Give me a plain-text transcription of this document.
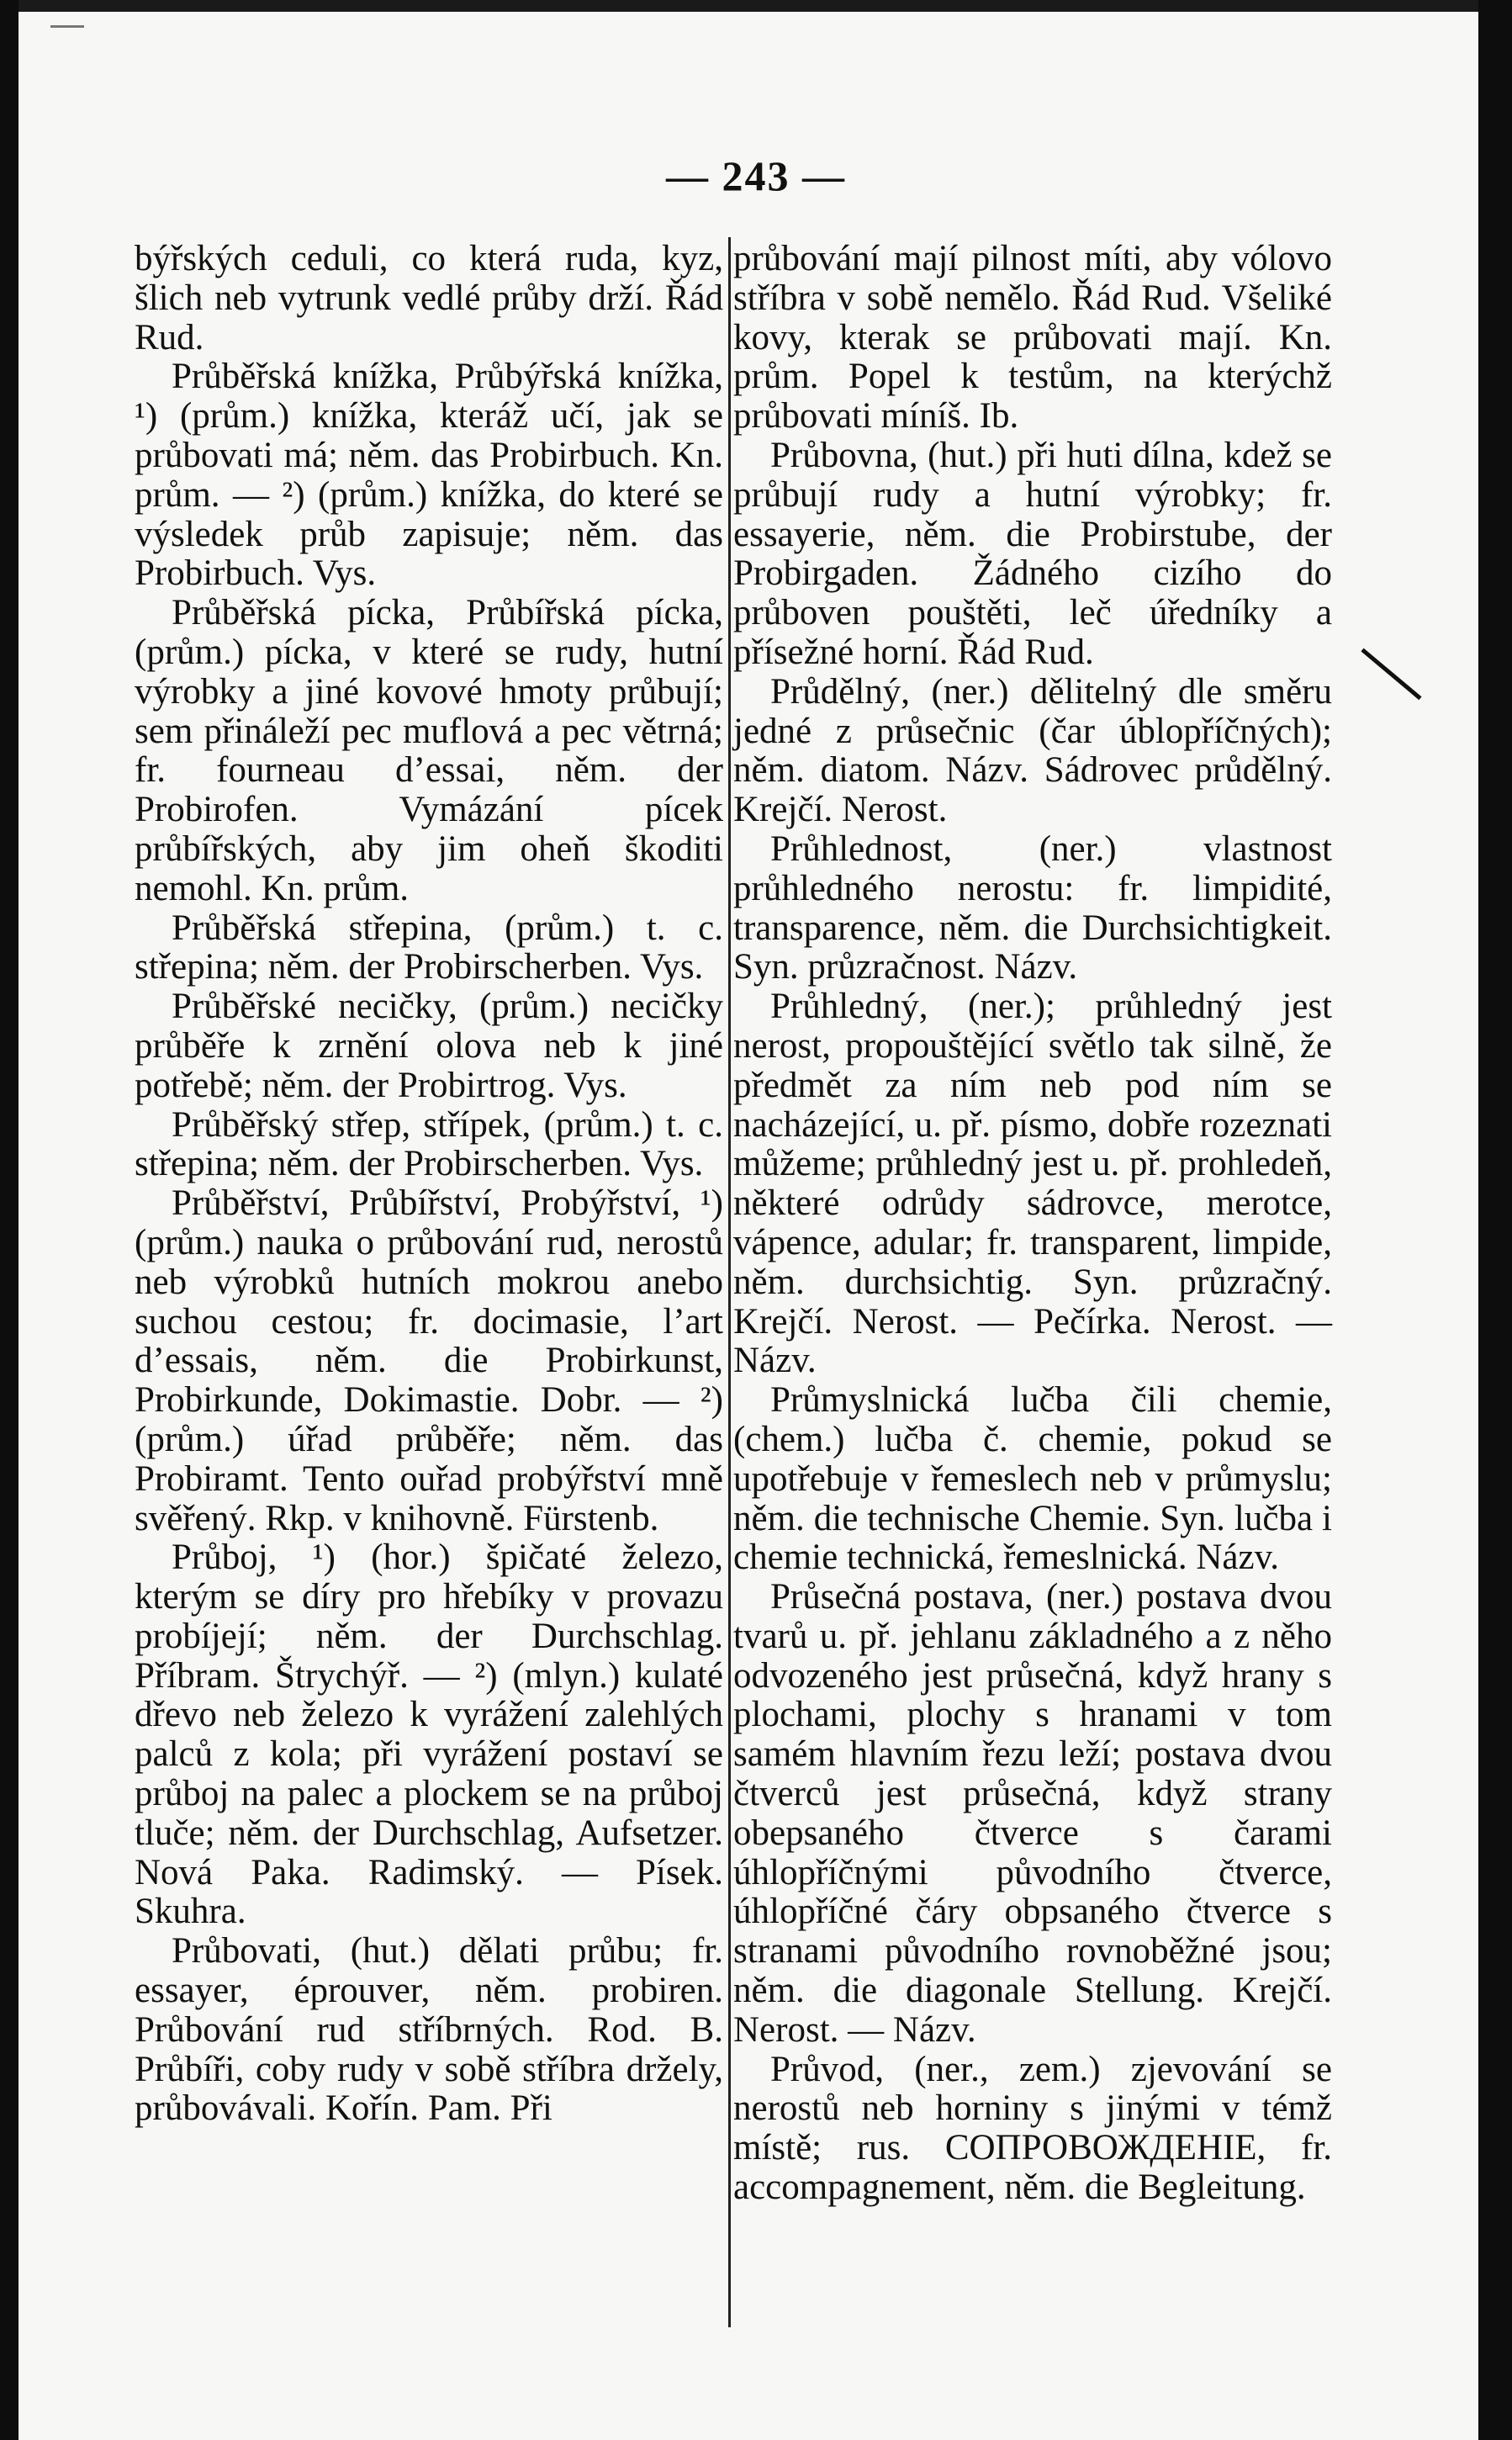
— 243 —

býřských ceduli, co která ruda, kyz, šlich neb vytrunk vedlé průby drží. Řád Rud.

Průběřská knížka, Průbýřská knížka, ¹) (prům.) knížka, kteráž učí, jak se průbovati má; něm. das Probirbuch. Kn. prům. — ²) (prům.) knížka, do které se výsledek průb zapisuje; něm. das Probirbuch. Vys.

Průběřská pícka, Průbířská pícka, (prům.) pícka, v které se rudy, hutní výrobky a jiné kovové hmoty průbují; sem přináleží pec muflová a pec větrná; fr. fourneau d’essai, něm. der Probirofen. Vymázání pícek průbířských, aby jim oheň škoditi nemohl. Kn. prům.

Průběřská střepina, (prům.) t. c. střepina; něm. der Probirscherben. Vys.

Průběřské necičky, (prům.) necičky průběře k zrnění olova neb k jiné potřebě; něm. der Probirtrog. Vys.

Průběřský střep, střípek, (prům.) t. c. střepina; něm. der Probirscherben. Vys.

Průběřství, Průbířství, Probýřství, ¹) (prům.) nauka o průbování rud, nerostů neb výrobků hutních mokrou anebo suchou cestou; fr. docimasie, l’art d’essais, něm. die Probirkunst, Probirkunde, Dokimastie. Dobr. — ²) (prům.) úřad průběře; něm. das Probiramt. Tento ouřad probýřství mně svěřený. Rkp. v knihovně. Fürstenb.

Průboj, ¹) (hor.) špičaté železo, kterým se díry pro hřebíky v provazu probíjejí; něm. der Durchschlag. Příbram. Štrychýř. — ²) (mlyn.) kulaté dřevo neb železo k vyrážení zalehlých palců z kola; při vyrážení postaví se průboj na palec a plockem se na průboj tluče; něm. der Durchschlag, Aufsetzer. Nová Paka. Radimský. — Písek. Skuhra.

Průbovati, (hut.) dělati průbu; fr. essayer, éprouver, něm. probiren. Průbování rud stříbrných. Rod. B. Průbíři, coby rudy v sobě stříbra držely, průbovávali. Kořín. Pam. Při

průbování mají pilnost míti, aby vólovo stříbra v sobě nemělo. Řád Rud. Všeliké kovy, kterak se průbovati mají. Kn. prům. Popel k testům, na kterýchž průbovati míníš. Ib.

Průbovna, (hut.) při huti dílna, kdež se průbují rudy a hutní výrobky; fr. essayerie, něm. die Probirstube, der Probirgaden. Žádného cizího do průboven pouštěti, leč úředníky a přísežné horní. Řád Rud.

Průdělný, (ner.) dělitelný dle směru jedné z průsečnic (čar úblopříčných); něm. diatom. Názv. Sádrovec průdělný. Krejčí. Nerost.

Průhlednost, (ner.) vlastnost průhledného nerostu: fr. limpidité, transparence, něm. die Durchsichtigkeit. Syn. průzračnost. Názv.

Průhledný, (ner.); průhledný jest nerost, propouštějící světlo tak silně, že předmět za ním neb pod ním se nacházející, u. př. písmo, dobře rozeznati můžeme; průhledný jest u. př. prohledeň, některé odrůdy sádrovce, merotce, vápence, adular; fr. transparent, limpide, něm. durchsichtig. Syn. průzračný. Krejčí. Nerost. — Pečírka. Nerost. — Názv.

Průmyslnická lučba čili chemie, (chem.) lučba č. chemie, pokud se upotřebuje v řemeslech neb v průmyslu; něm. die technische Chemie. Syn. lučba i chemie technická, řemeslnická. Názv.

Průsečná postava, (ner.) postava dvou tvarů u. př. jehlanu základného a z něho odvozeného jest průsečná, když hrany s plochami, plochy s hranami v tom samém hlavním řezu leží; postava dvou čtverců jest průsečná, když strany obepsaného čtverce s čarami úhlopříčnými původního čtverce, úhlopříčné čáry obpsaného čtverce s stranami původního rovnoběžné jsou; něm. die diagonale Stellung. Krejčí. Nerost. — Názv.

Průvod, (ner., zem.) zjevování se nerostů neb horniny s jinými v témž místě; rus. СОПРОВОЖДЕНІЕ, fr. accompagnement, něm. die Begleitung.
